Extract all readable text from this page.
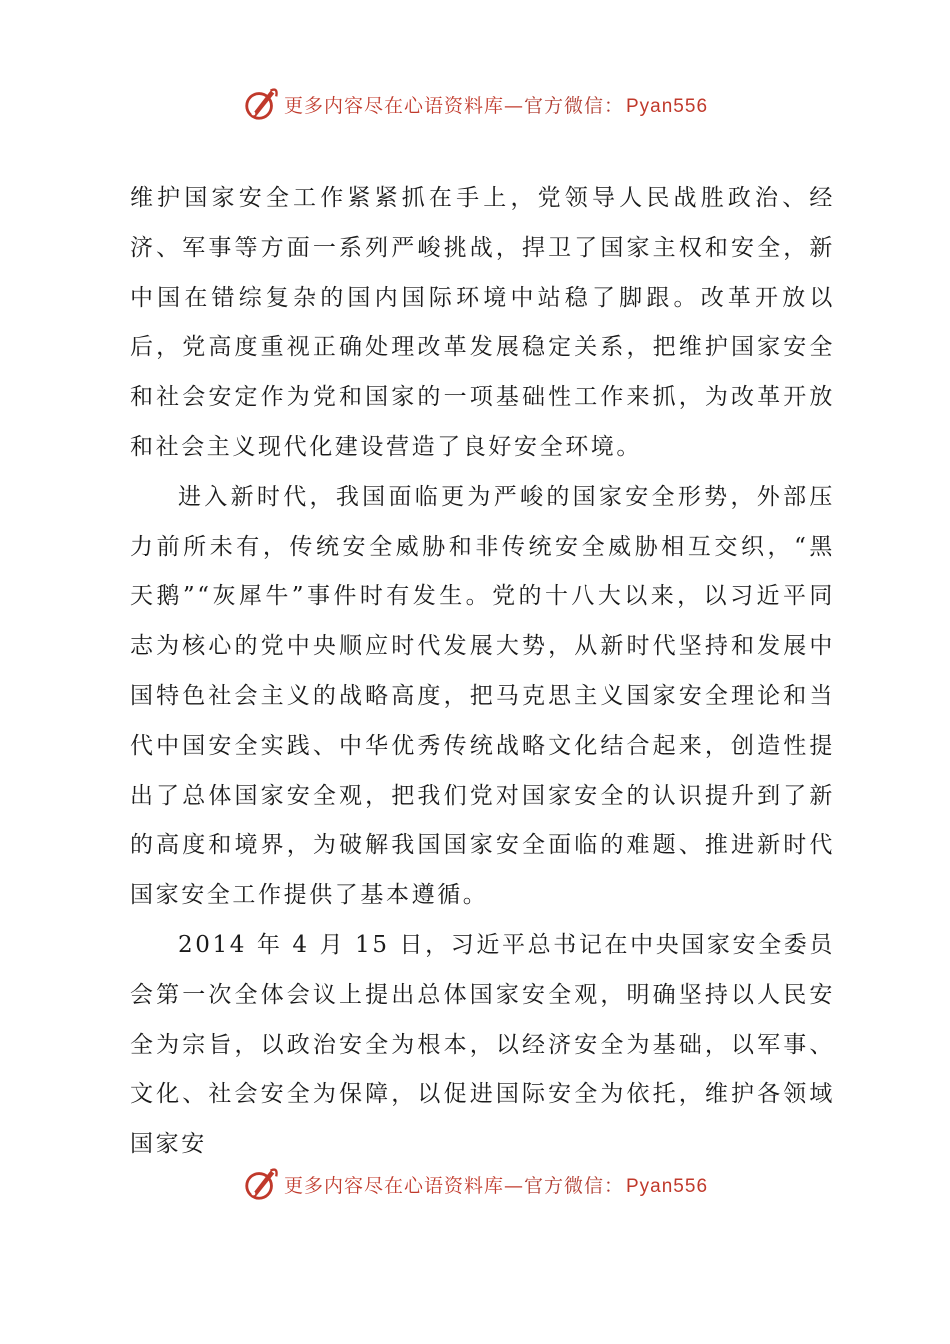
更多内容尽在心语资料库—官方微信： Pyan556

维护国家安全工作紧紧抓在手上，党领导人民战胜政治、经济、军事等方面一系列严峻挑战，捍卫了国家主权和安全，新中国在错综复杂的国内国际环境中站稳了脚跟。改革开放以后，党高度重视正确处理改革发展稳定关系，把维护国家安全和社会安定作为党和国家的一项基础性工作来抓，为改革开放和社会主义现代化建设营造了良好安全环境。

进入新时代，我国面临更为严峻的国家安全形势，外部压力前所未有，传统安全威胁和非传统安全威胁相互交织，“黑天鹅”“灰犀牛”事件时有发生。党的十八大以来，以习近平同志为核心的党中央顺应时代发展大势，从新时代坚持和发展中国特色社会主义的战略高度，把马克思主义国家安全理论和当代中国安全实践、中华优秀传统战略文化结合起来，创造性提出了总体国家安全观，把我们党对国家安全的认识提升到了新的高度和境界，为破解我国国家安全面临的难题、推进新时代国家安全工作提供了基本遵循。

2014 年 4 月 15 日，习近平总书记在中央国家安全委员会第一次全体会议上提出总体国家安全观，明确坚持以人民安全为宗旨，以政治安全为根本，以经济安全为基础，以军事、文化、社会安全为保障，以促进国际安全为依托，维护各领域国家安

更多内容尽在心语资料库—官方微信： Pyan556
